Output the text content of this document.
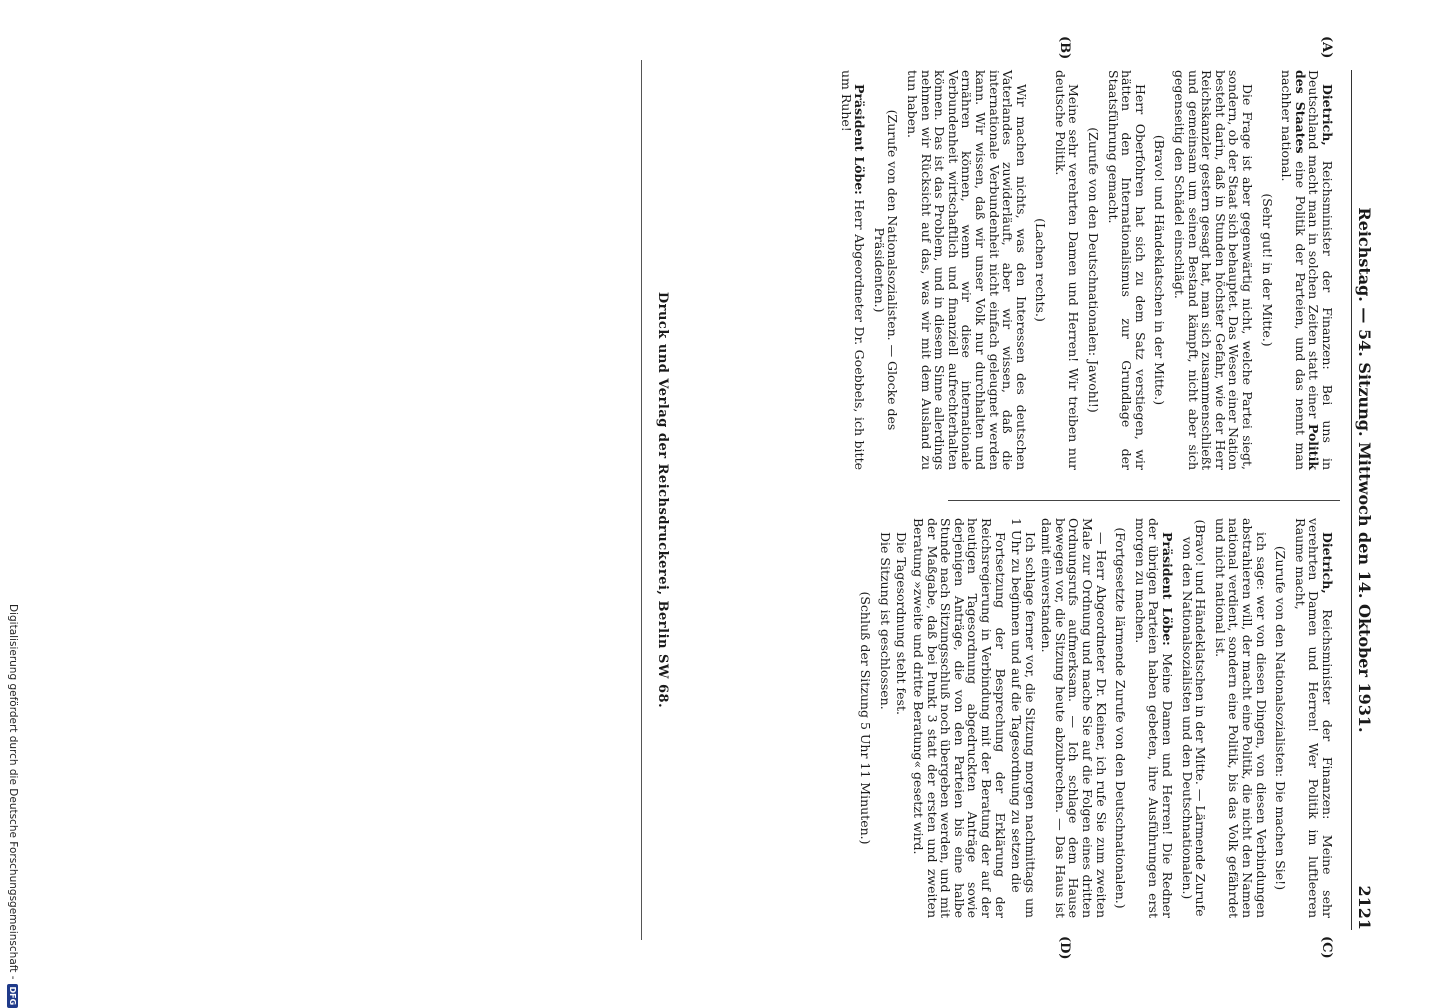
Reichstag. — 54. Sitzung. Mittwoch den 14. Oktober 1931.
2121
(A)
(B)
(C)
(D)

Dietrich, Reichsminister der Finanzen: Bei uns in Deutschland macht man in solchen Zeiten statt einer Politik des Staates eine Politik der Parteien, und das nennt man nachher national.

(Sehr gut! in der Mitte.)

Die Frage ist aber gegenwärtig nicht, welche Partei siegt, sondern, ob der Staat sich behauptet. Das Wesen einer Nation besteht darin, daß in Stunden höchster Gefahr, wie der Herr Reichskanzler gestern gesagt hat, man sich zusammenschließt und gemeinsam um seinen Bestand kämpft, nicht aber sich gegenseitig den Schädel einschlägt.

(Bravo! und Händeklatschen in der Mitte.)

Herr Oberfohren hat sich zu dem Satz verstiegen, wir hätten den Internationalismus zur Grundlage der Staatsführung gemacht.

(Zurufe von den Deutschnationalen: Jawohl!)

Meine sehr verehrten Damen und Herren! Wir treiben nur deutsche Politik.

(Lachen rechts.)

Wir machen nichts, was den Interessen des deutschen Vaterlandes zuwiderläuft, aber wir wissen, daß die internationale Verbundenheit nicht einfach geleugnet werden kann. Wir wissen, daß wir unser Volk nur durchhalten und ernähren können, wenn wir diese internationale Verbundenheit wirtschaftlich und finanziell aufrechterhalten können. Das ist das Problem, und in diesem Sinne allerdings nehmen wir Rücksicht auf das, was wir mit dem Ausland zu tun haben.

(Zurufe von den Nationalsozialisten. — Glocke des Präsidenten.)

Präsident Löbe: Herr Abgeordneter Dr. Goebbels, ich bitte um Ruhe!

Dietrich, Reichsminister der Finanzen: Meine sehr verehrten Damen und Herren! Wer Politik im luftleeren Raume macht,

(Zurufe von den Nationalsozialisten: Die machen Sie!)

ich sage: wer von diesen Dingen, von diesen Verbindungen abstrahieren will, der macht eine Politik, die nicht den Namen national verdient, sondern eine Politik, bis das Volk gefährdet und nicht national ist.

(Bravo! und Händeklatschen in der Mitte. — Lärmende Zurufe von den Nationalsozialisten und den Deutschnationalen.)

Präsident Löbe: Meine Damen und Herren! Die Redner der übrigen Parteien haben gebeten, ihre Ausführungen erst morgen zu machen.

(Fortgesetzte lärmende Zurufe von den Deutschnationalen.)

— Herr Abgeordneter Dr. Kleiner, ich rufe Sie zum zweiten Male zur Ordnung und mache Sie auf die Folgen eines dritten Ordnungsrufs aufmerksam. — Ich schlage dem Hause bewegen vor, die Sitzung heute abzubrechen. — Das Haus ist damit einverstanden.

Ich schlage ferner vor, die Sitzung morgen nachmittags um 1 Uhr zu beginnen und auf die Tagesordnung zu setzen die

Fortsetzung der Besprechung der Erklärung der Reichsregierung in Verbindung mit der Beratung der auf der heutigen Tagesordnung abgedruckten Anträge sowie derjenigen Anträge, die von den Parteien bis eine halbe Stunde nach Sitzungsschluß noch übergeben werden, und mit der Maßgabe, daß bei Punkt 3 statt der ersten und zweiten Beratung »zweite und dritte Beratung« gesetzt wird.

Die Tagesordnung steht fest.

Die Sitzung ist geschlossen.

(Schluß der Sitzung 5 Uhr 11 Minuten.)

Druck und Verlag der Reichsdruckerei, Berlin SW 68.
Digitalisierung gefördert durch die Deutsche Forschungsgemeinschaft -
DFG
